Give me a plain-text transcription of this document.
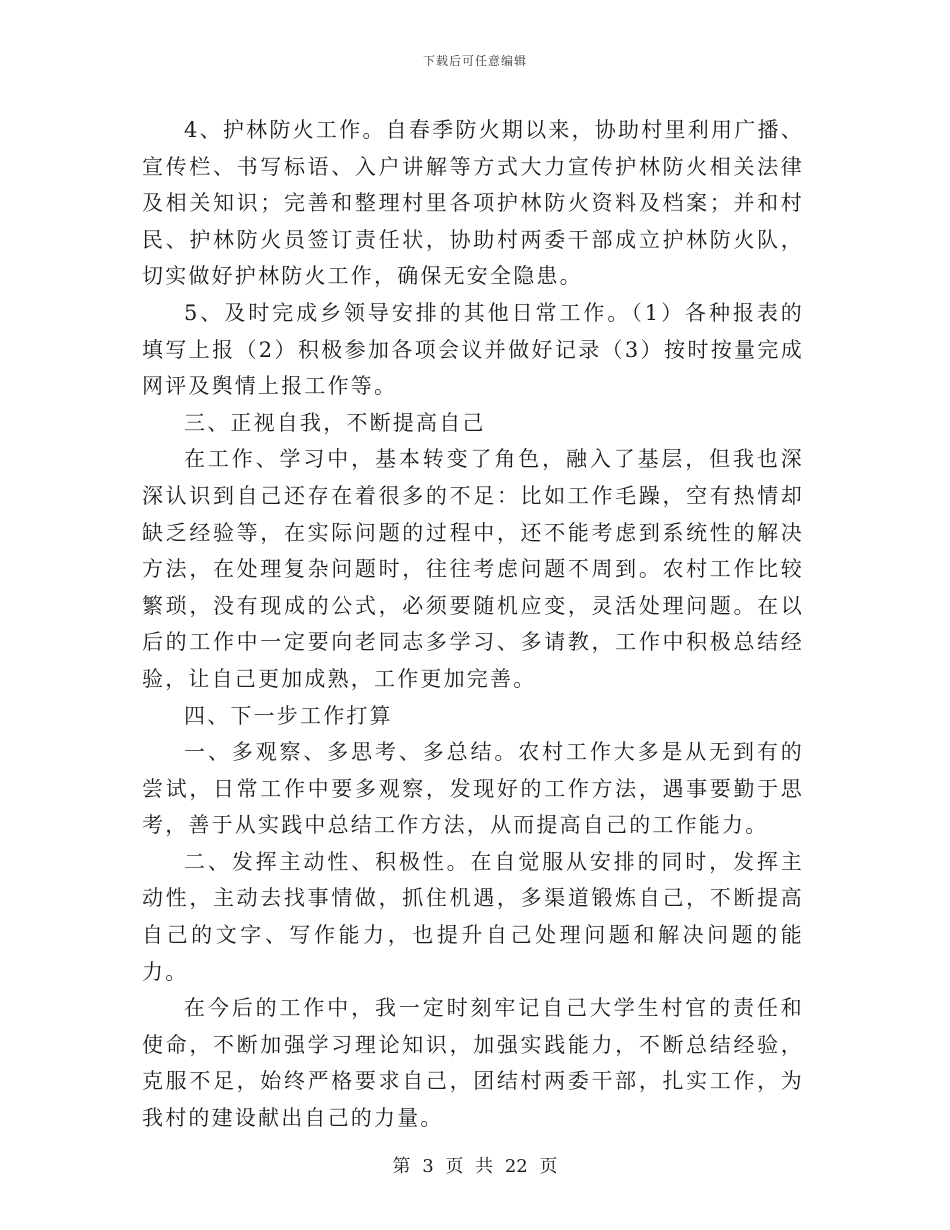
下载后可任意编辑

4、护林防火工作。自春季防火期以来，协助村里利用广播、宣传栏、书写标语、入户讲解等方式大力宣传护林防火相关法律及相关知识；完善和整理村里各项护林防火资料及档案；并和村民、护林防火员签订责任状，协助村两委干部成立护林防火队，切实做好护林防火工作，确保无安全隐患。

5、及时完成乡领导安排的其他日常工作。（1）各种报表的填写上报（2）积极参加各项会议并做好记录（3）按时按量完成网评及舆情上报工作等。

三、正视自我，不断提高自己

在工作、学习中，基本转变了角色，融入了基层，但我也深深认识到自己还存在着很多的不足：比如工作毛躁，空有热情却缺乏经验等，在实际问题的过程中，还不能考虑到系统性的解决方法，在处理复杂问题时，往往考虑问题不周到。农村工作比较繁琐，没有现成的公式，必须要随机应变，灵活处理问题。在以后的工作中一定要向老同志多学习、多请教，工作中积极总结经验，让自己更加成熟，工作更加完善。

四、下一步工作打算

一、多观察、多思考、多总结。农村工作大多是从无到有的尝试，日常工作中要多观察，发现好的工作方法，遇事要勤于思考，善于从实践中总结工作方法，从而提高自己的工作能力。

二、发挥主动性、积极性。在自觉服从安排的同时，发挥主动性，主动去找事情做，抓住机遇，多渠道锻炼自己，不断提高自己的文字、写作能力，也提升自己处理问题和解决问题的能力。

在今后的工作中，我一定时刻牢记自己大学生村官的责任和使命，不断加强学习理论知识，加强实践能力，不断总结经验，克服不足，始终严格要求自己，团结村两委干部，扎实工作，为我村的建设献出自己的力量。

第 3 页 共 22 页
